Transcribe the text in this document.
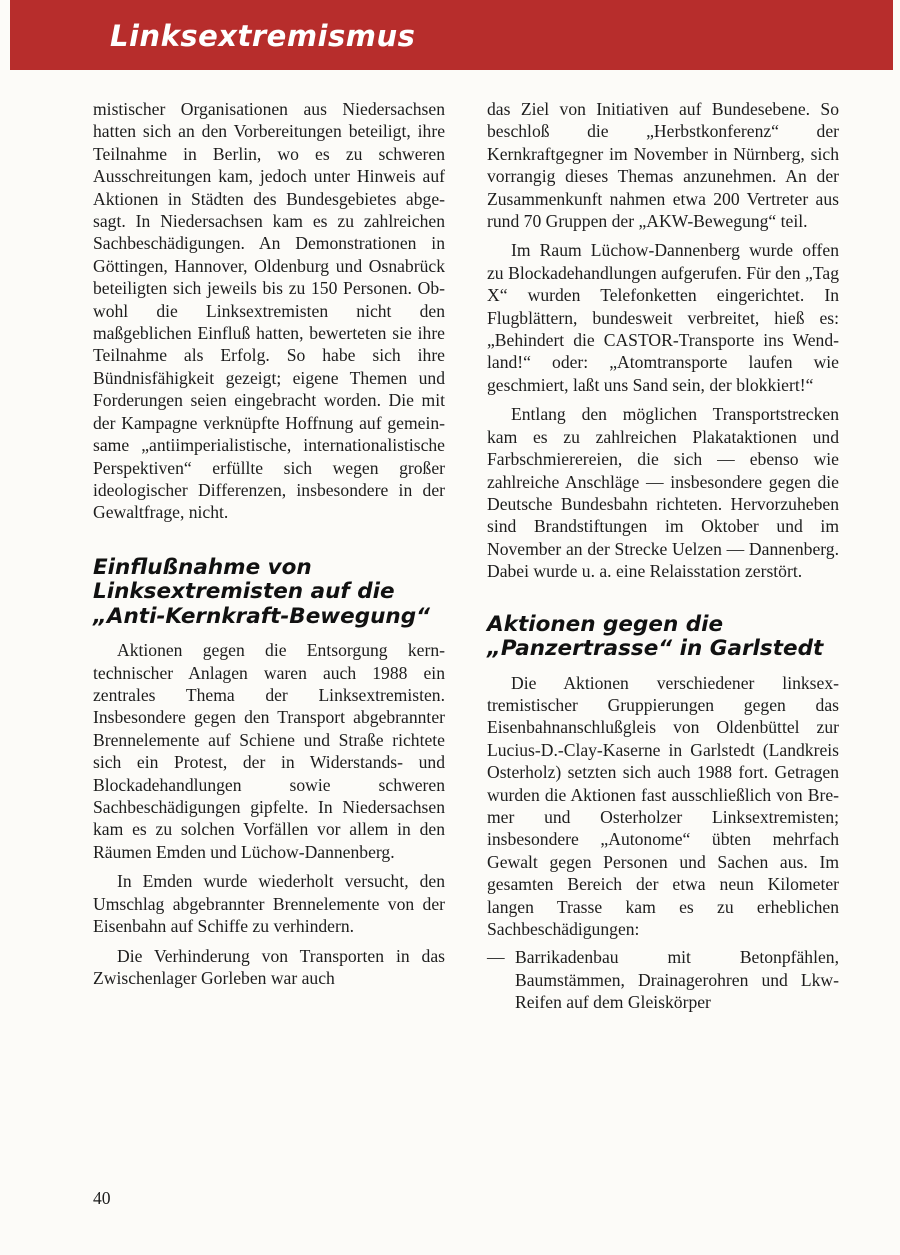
Linksextremismus

mistischer Organisationen aus Niedersachsen hatten sich an den Vorbereitungen beteiligt, ihre Teilnahme in Berlin, wo es zu schweren Ausschreitungen kam, jedoch unter Hinweis auf Aktionen in Städten des Bundesgebietes abgesagt. In Niedersachsen kam es zu zahlreichen Sachbeschädigungen. An Demonstrationen in Göttingen, Hannover, Oldenburg und Osnabrück beteiligten sich jeweils bis zu 150 Personen. Obwohl die Linksextremisten nicht den maßgeblichen Einfluß hatten, bewerteten sie ihre Teilnahme als Erfolg. So habe sich ihre Bündnisfähigkeit gezeigt; eigene Themen und Forderungen seien eingebracht worden. Die mit der Kampagne verknüpfte Hoffnung auf gemeinsame „antiimperialistische, internationalistische Perspektiven“ erfüllte sich wegen großer ideologischer Differenzen, insbesondere in der Gewaltfrage, nicht.

Einflußnahme von Linksextremisten auf die „Anti-Kernkraft-Bewegung“

Aktionen gegen die Entsorgung kerntechnischer Anlagen waren auch 1988 ein zentrales Thema der Linksextremisten. Insbesondere gegen den Transport abgebrannter Brennelemente auf Schiene und Straße richtete sich ein Protest, der in Widerstands- und Blockadehandlungen sowie schweren Sachbeschädigungen gipfelte. In Niedersachsen kam es zu solchen Vorfällen vor allem in den Räumen Emden und Lüchow-Dannenberg.

In Emden wurde wiederholt versucht, den Umschlag abgebrannter Brennelemente von der Eisenbahn auf Schiffe zu verhindern.

Die Verhinderung von Transporten in das Zwischenlager Gorleben war auch

das Ziel von Initiativen auf Bundesebene. So beschloß die „Herbstkonferenz“ der Kernkraftgegner im November in Nürnberg, sich vorrangig dieses Themas anzunehmen. An der Zusammenkunft nahmen etwa 200 Vertreter aus rund 70 Gruppen der „AKW-Bewegung“ teil.

Im Raum Lüchow-Dannenberg wurde offen zu Blockadehandlungen aufgerufen. Für den „Tag X“ wurden Telefonketten eingerichtet. In Flugblättern, bundesweit verbreitet, hieß es: „Behindert die CASTOR-Transporte ins Wendland!“ oder: „Atomtransporte laufen wie geschmiert, laßt uns Sand sein, der blokkiert!“

Entlang den möglichen Transportstrecken kam es zu zahlreichen Plakataktionen und Farbschmierereien, die sich — ebenso wie zahlreiche Anschläge — insbesondere gegen die Deutsche Bundesbahn richteten. Hervorzuheben sind Brandstiftungen im Oktober und im November an der Strecke Uelzen — Dannenberg. Dabei wurde u. a. eine Relaisstation zerstört.

Aktionen gegen die „Panzertrasse“ in Garlstedt

Die Aktionen verschiedener linksextremistischer Gruppierungen gegen das Eisenbahnanschlußgleis von Oldenbüttel zur Lucius-D.-Clay-Kaserne in Garlstedt (Landkreis Osterholz) setzten sich auch 1988 fort. Getragen wurden die Aktionen fast ausschließlich von Bremer und Osterholzer Linksextremisten; insbesondere „Autonome“ übten mehrfach Gewalt gegen Personen und Sachen aus. Im gesamten Bereich der etwa neun Kilometer langen Trasse kam es zu erheblichen Sachbeschädigungen:

— Barrikadenbau mit Betonpfählen, Baumstämmen, Drainagerohren und Lkw-Reifen auf dem Gleiskörper
40
